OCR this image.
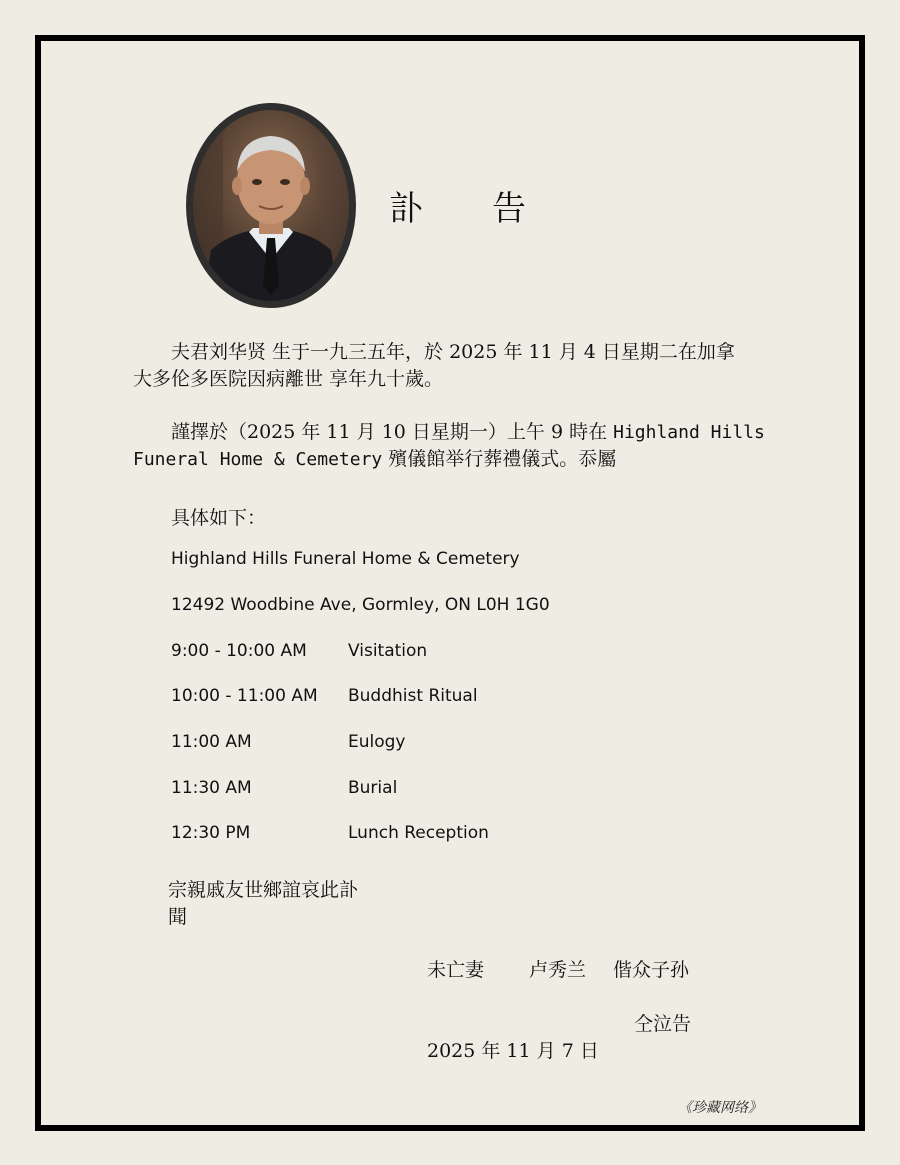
訃 告
夫君刘华贤 生于一九三五年，於 2025 年 11 月 4 日星期二在加拿
大多伦多医院因病離世 享年九十歲。
謹擇於（2025 年 11 月 10 日星期一）上午 9 時在 Highland Hills
Funeral Home & Cemetery 殯儀館举行葬禮儀式。忝屬
具体如下：
Highland Hills Funeral Home & Cemetery
12492 Woodbine Ave, Gormley, ON L0H 1G0
9:00 - 10:00 AM Visitation
10:00 - 11:00 AM Buddhist Ritual
11:00 AM	Eulogy
11:30 AM	Burial
12:30 PM	Lunch Reception
宗親戚友世鄉誼哀此訃
聞
未亡妻 卢秀兰 偕众子孙
仝泣告
2025 年 11 月 7 日
《珍藏网络》
